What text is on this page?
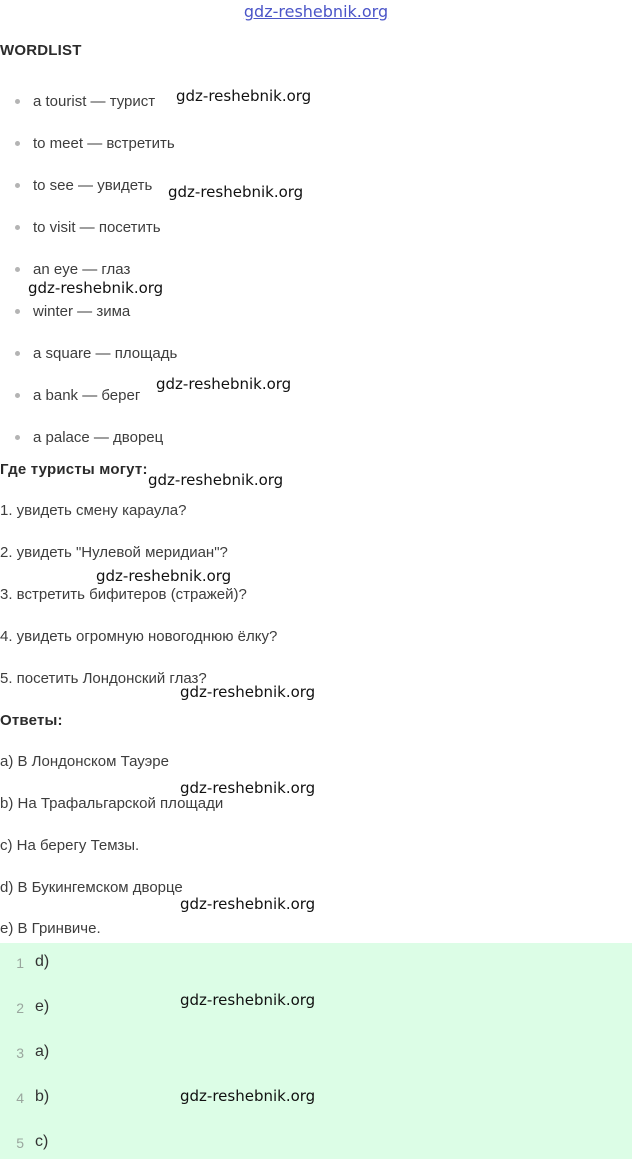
gdz-reshebnik.org
WORDLIST
a tourist — турист
to meet — встретить
to see — увидеть
to visit — посетить
an eye — глаз
winter — зима
a square — площадь
a bank — берег
a palace — дворец
Где туристы могут:
1. увидеть смену караула?
2. увидеть "Нулевой меридиан"?
3. встретить бифитеров (стражей)?
4. увидеть огромную новогоднюю ёлку?
5. посетить Лондонский глаз?
Ответы:
a) В Лондонском Тауэре
b) На Трафальгарской площади
c) На берегу Темзы.
d) В Букингемском дворце
e) В Гринвиче.
1 d)
2 e)
3 a)
4 b)
5 c)
gdz-reshebnik.org
gdz-reshebnik.org
gdz-reshebnik.org
gdz-reshebnik.org
gdz-reshebnik.org
gdz-reshebnik.org
gdz-reshebnik.org
gdz-reshebnik.org
gdz-reshebnik.org
gdz-reshebnik.org
gdz-reshebnik.org
